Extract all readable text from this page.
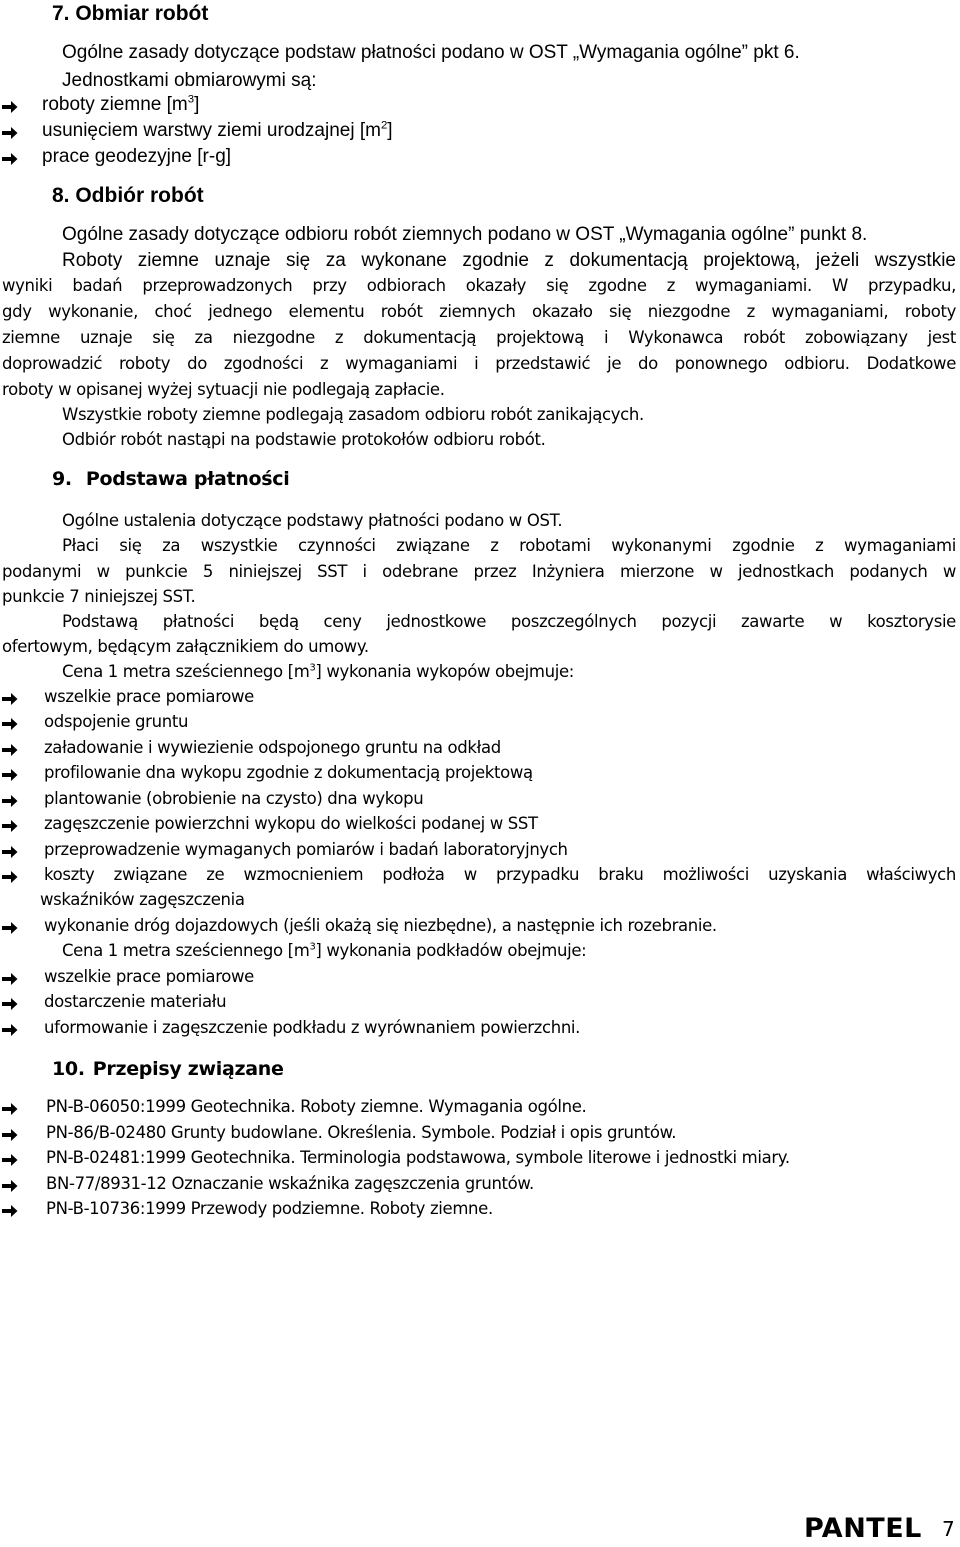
7. Obmiar robót
Ogólne zasady dotyczące podstaw płatności podano w OST „Wymagania ogólne” pkt 6.
Jednostkami obmiarowymi są:
roboty ziemne $[m^3]$
usunięciem warstwy ziemi urodzajnej $[m^2]$
prace geodezyjne [r-g]
8. Odbiór robót
Ogólne zasady dotyczące odbioru robót ziemnych podano w OST „Wymagania ogólne” punkt 8.
Roboty ziemne uznaje się za wykonane zgodnie z dokumentacją projektową, jeżeli wszystkie
wyniki badań przeprowadzonych przy odbiorach okazały się zgodne z wymaganiami. W przypadku,
gdy wykonanie, choć jednego elementu robót ziemnych okazało się niezgodne z wymaganiami, roboty
ziemne uznaje się za niezgodne z dokumentacją projektową i Wykonawca robót zobowiązany jest
doprowadzić roboty do zgodności z wymaganiami i przedstawić je do ponownego odbioru. Dodatkowe
roboty w opisanej wyżej sytuacji nie podlegają zapłacie.
Wszystkie roboty ziemne podlegają zasadom odbioru robót zanikających.
Odbiór robót nastąpi na podstawie protokołów odbioru robót.
9. Podstawa płatności
Ogólne ustalenia dotyczące podstawy płatności podano w OST.
Płaci się za wszystkie czynności związane z robotami wykonanymi zgodnie z wymaganiami
podanymi w punkcie 5 niniejszej SST i odebrane przez Inżyniera mierzone w jednostkach podanych w
punkcie 7 niniejszej SST.
Podstawą płatności będą ceny jednostkowe poszczególnych pozycji zawarte w kosztorysie
ofertowym, będącym załącznikiem do umowy.
Cena 1 metra sześciennego $[m^3]$ wykonania wykopów obejmuje:
wszelkie prace pomiarowe
odspojenie gruntu
załadowanie i wywiezienie odspojonego gruntu na odkład
profilowanie dna wykopu zgodnie z dokumentacją projektową
plantowanie (obrobienie na czysto) dna wykopu
zagęszczenie powierzchni wykopu do wielkości podanej w SST
przeprowadzenie wymaganych pomiarów i badań laboratoryjnych
koszty związane ze wzmocnieniem podłoża w przypadku braku możliwości uzyskania właściwych
wskaźników zagęszczenia
wykonanie dróg dojazdowych (jeśli okażą się niezbędne), a następnie ich rozebranie.
Cena 1 metra sześciennego $[m^3]$ wykonania podkładów obejmuje:
wszelkie prace pomiarowe
dostarczenie materiału
uformowanie i zagęszczenie podkładu z wyrównaniem powierzchni.
10. Przepisy związane
PN-B-06050:1999 Geotechnika. Roboty ziemne. Wymagania ogólne.
PN-86/B-02480 Grunty budowlane. Określenia. Symbole. Podział i opis gruntów.
PN-B-02481:1999 Geotechnika. Terminologia podstawowa, symbole literowe i jednostki miary.
BN-77/8931-12 Oznaczanie wskaźnika zagęszczenia gruntów.
PN-B-10736:1999 Przewody podziemne. Roboty ziemne.
PANTEL 7
